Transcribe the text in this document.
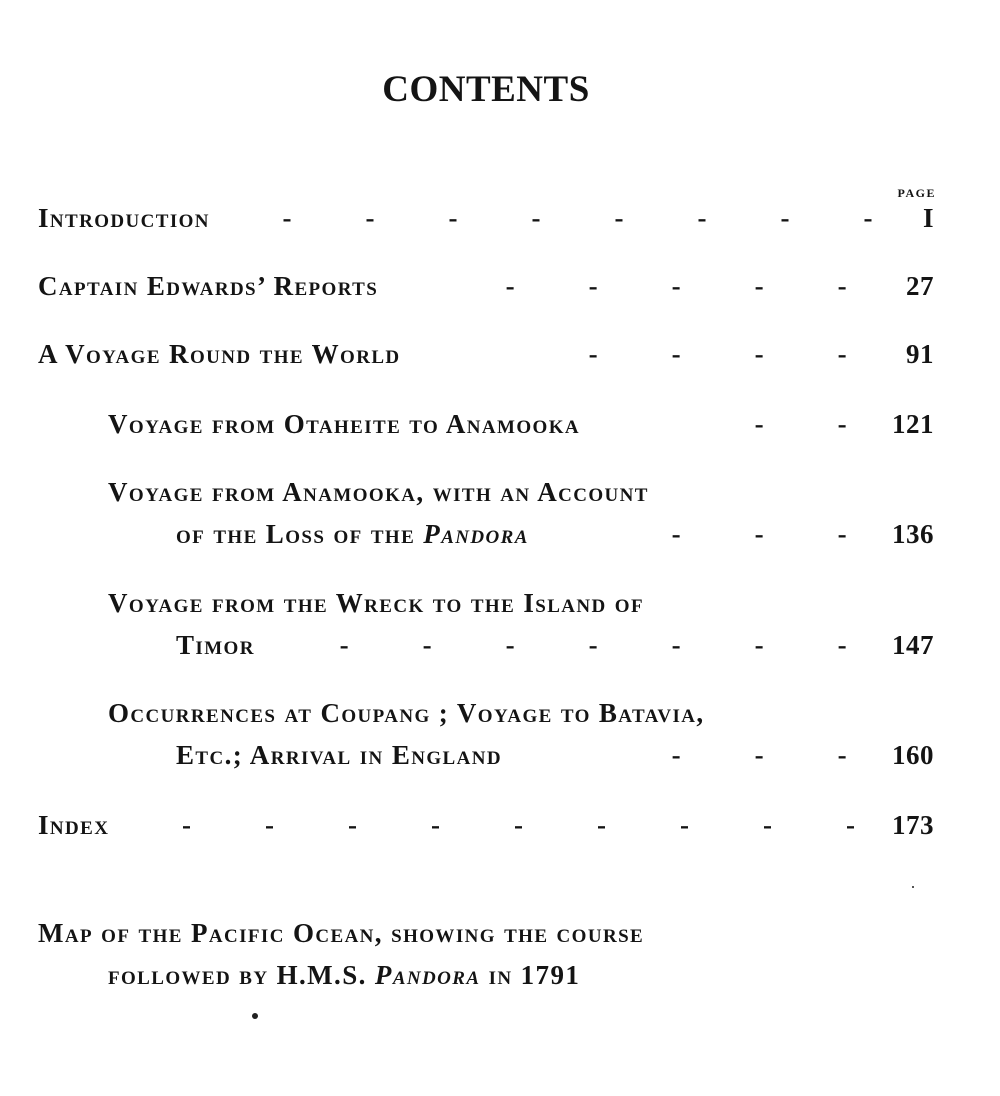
CONTENTS
PAGE
Introduction	-	-	-	-	-	-	-	-	I
Captain Edwards’ Reports	-	-	-	-	-	27
A Voyage Round the World	-	-	-	-	91
Voyage from Otaheite to Anamooka	-	-	121
Voyage from Anamooka, with an Account
of the Loss of the Pandora	-	-	-	136
Voyage from the Wreck to the Island of
Timor	-	-	-	-	-	-	-	147
Occurrences at Coupang ; Voyage to Batavia,
Etc.; Arrival in England	-	-	-	160
Index	-	-	-	-	-	-	-	-	-	173
Map of the Pacific Ocean, showing the course
followed by H.M.S. Pandora in 1791
